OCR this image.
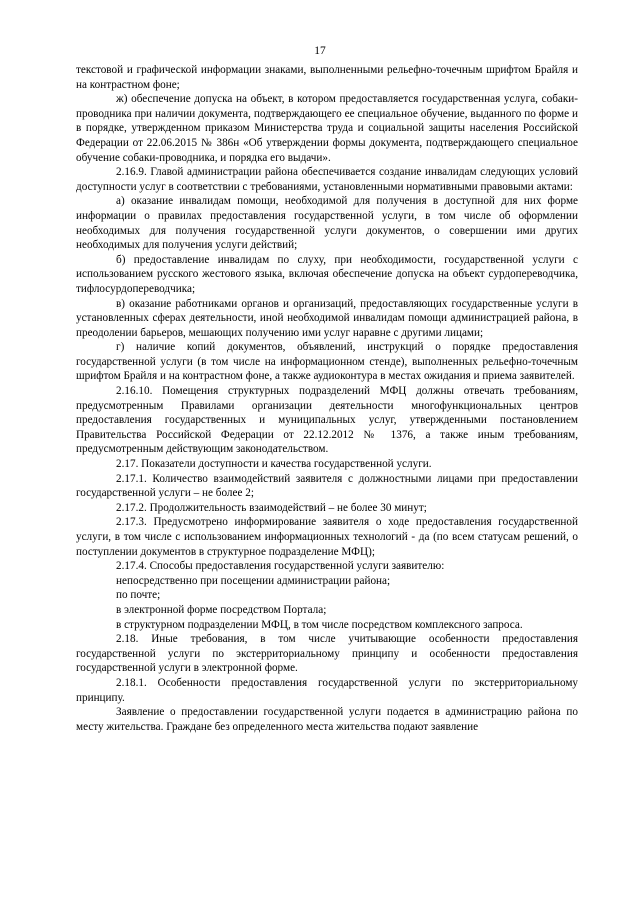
17

текстовой и графической информации знаками, выполненными рельефно-точечным шрифтом Брайля и на контрастном фоне;

ж) обеспечение допуска на объект, в котором предоставляется государственная услуга, собаки-проводника при наличии документа, подтверждающего ее специальное обучение, выданного по форме и в порядке, утвержденном приказом Министерства труда и социальной защиты населения Российской Федерации от 22.06.2015 № 386н «Об утверждении формы документа, подтверждающего специальное обучение собаки-проводника, и порядка его выдачи».

2.16.9. Главой администрации района обеспечивается создание инвалидам следующих условий доступности услуг в соответствии с требованиями, установленными нормативными правовыми актами:

а) оказание инвалидам помощи, необходимой для получения в доступной для них форме информации о правилах предоставления государственной услуги, в том числе об оформлении необходимых для получения государственной услуги документов, о совершении ими других необходимых для получения услуги действий;

б) предоставление инвалидам по слуху, при необходимости, государственной услуги с использованием русского жестового языка, включая обеспечение допуска на объект сурдопереводчика, тифлосурдопереводчика;

в) оказание работниками органов и организаций, предоставляющих государственные услуги в установленных сферах деятельности, иной необходимой инвалидам помощи администрацией района, в преодолении барьеров, мешающих получению ими услуг наравне с другими лицами;

г) наличие копий документов, объявлений, инструкций о порядке предоставления государственной услуги (в том числе на информационном стенде), выполненных рельефно-точечным шрифтом Брайля и на контрастном фоне, а также аудиоконтура в местах ожидания и приема заявителей.

2.16.10. Помещения структурных подразделений МФЦ должны отвечать требованиям, предусмотренным Правилами организации деятельности многофункциональных центров предоставления государственных и муниципальных услуг, утвержденными постановлением Правительства Российской Федерации от 22.12.2012 № 1376, а также иным требованиям, предусмотренным действующим законодательством.

2.17. Показатели доступности и качества государственной услуги.

2.17.1. Количество взаимодействий заявителя с должностными лицами при предоставлении государственной услуги – не более 2;

2.17.2. Продолжительность взаимодействий – не более 30 минут;

2.17.3. Предусмотрено информирование заявителя о ходе предоставления государственной услуги, в том числе с использованием информационных технологий - да (по всем статусам решений, о поступлении документов в структурное подразделение МФЦ);

2.17.4. Способы предоставления государственной услуги заявителю:

непосредственно при посещении администрации района;

по почте;

в электронной форме посредством Портала;

в структурном подразделении МФЦ, в том числе посредством комплексного запроса.

2.18. Иные требования, в том числе учитывающие особенности предоставления государственной услуги по экстерриториальному принципу и особенности предоставления государственной услуги в электронной форме.

2.18.1. Особенности предоставления государственной услуги по экстерриториальному принципу.

Заявление о предоставлении государственной услуги подается в администрацию района по месту жительства. Граждане без определенного места жительства подают заявление
